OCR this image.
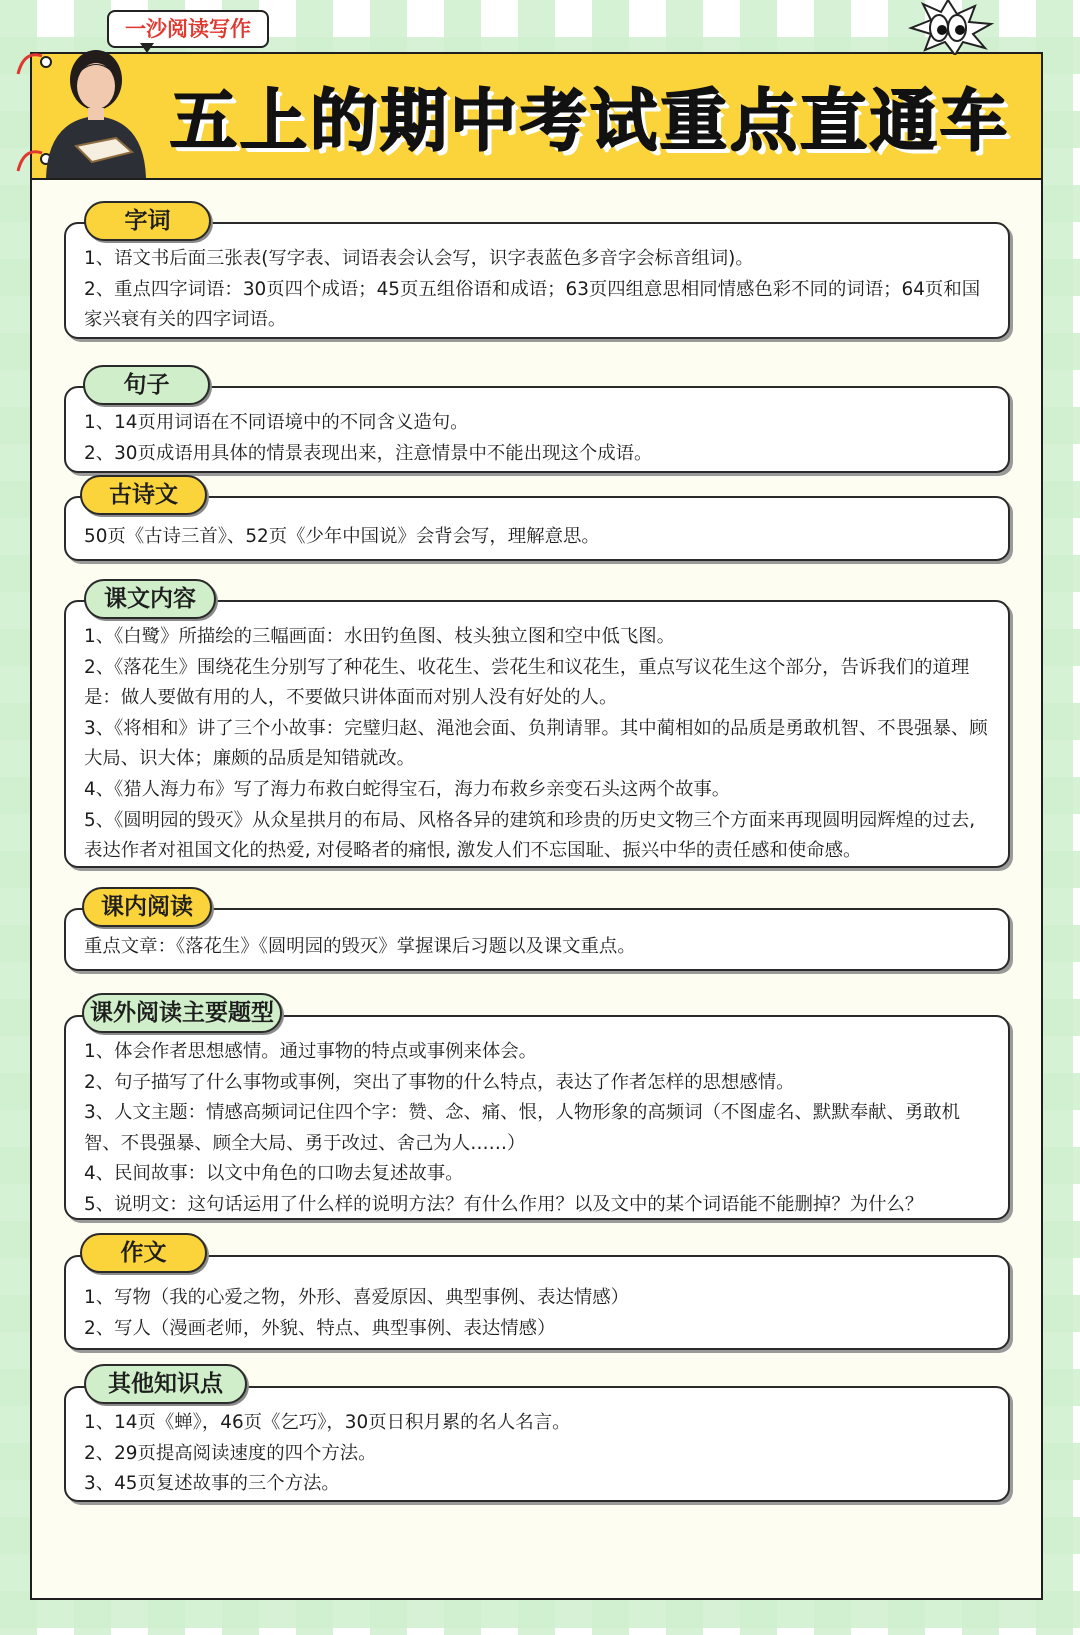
一沙阅读写作
五上的期中考试重点直通车

1、语文书后面三张表(写字表、词语表会认会写，识字表蓝色多音字会标音组词)。

2、重点四字词语：30页四个成语；45页五组俗语和成语；63页四组意思相同情感色彩不同的词语；64页和国家兴衰有关的四字词语。

字词

1、14页用词语在不同语境中的不同含义造句。

2、30页成语用具体的情景表现出来，注意情景中不能出现这个成语。

句子

50页《古诗三首》、52页《少年中国说》会背会写，理解意思。

古诗文

1、《白鹭》所描绘的三幅画面：水田钓鱼图、枝头独立图和空中低飞图。

2、《落花生》围绕花生分别写了种花生、收花生、尝花生和议花生，重点写议花生这个部分，告诉我们的道理是：做人要做有用的人，不要做只讲体面而对别人没有好处的人。

3、《将相和》讲了三个小故事：完璧归赵、渑池会面、负荆请罪。其中蔺相如的品质是勇敢机智、不畏强暴、顾大局、识大体；廉颇的品质是知错就改。

4、《猎人海力布》写了海力布救白蛇得宝石，海力布救乡亲变石头这两个故事。

5、《圆明园的毁灭》从众星拱月的布局、风格各异的建筑和珍贵的历史文物三个方面来再现圆明园辉煌的过去, 表达作者对祖国文化的热爱, 对侵略者的痛恨, 激发人们不忘国耻、振兴中华的责任感和使命感。

课文内容

重点文章：《落花生》《圆明园的毁灭》掌握课后习题以及课文重点。

课内阅读

1、体会作者思想感情。通过事物的特点或事例来体会。

2、句子描写了什么事物或事例，突出了事物的什么特点，表达了作者怎样的思想感情。

3、人文主题：情感高频词记住四个字：赞、念、痛、恨，人物形象的高频词（不图虚名、默默奉献、勇敢机智、不畏强暴、顾全大局、勇于改过、舍己为人……）

4、民间故事：以文中角色的口吻去复述故事。

5、说明文：这句话运用了什么样的说明方法？有什么作用？以及文中的某个词语能不能删掉？为什么？

课外阅读主要题型

1、写物（我的心爱之物，外形、喜爱原因、典型事例、表达情感）

2、写人（漫画老师，外貌、特点、典型事例、表达情感）

作文

1、14页《蝉》，46页《乞巧》，30页日积月累的名人名言。

2、29页提高阅读速度的四个方法。

3、45页复述故事的三个方法。

其他知识点
